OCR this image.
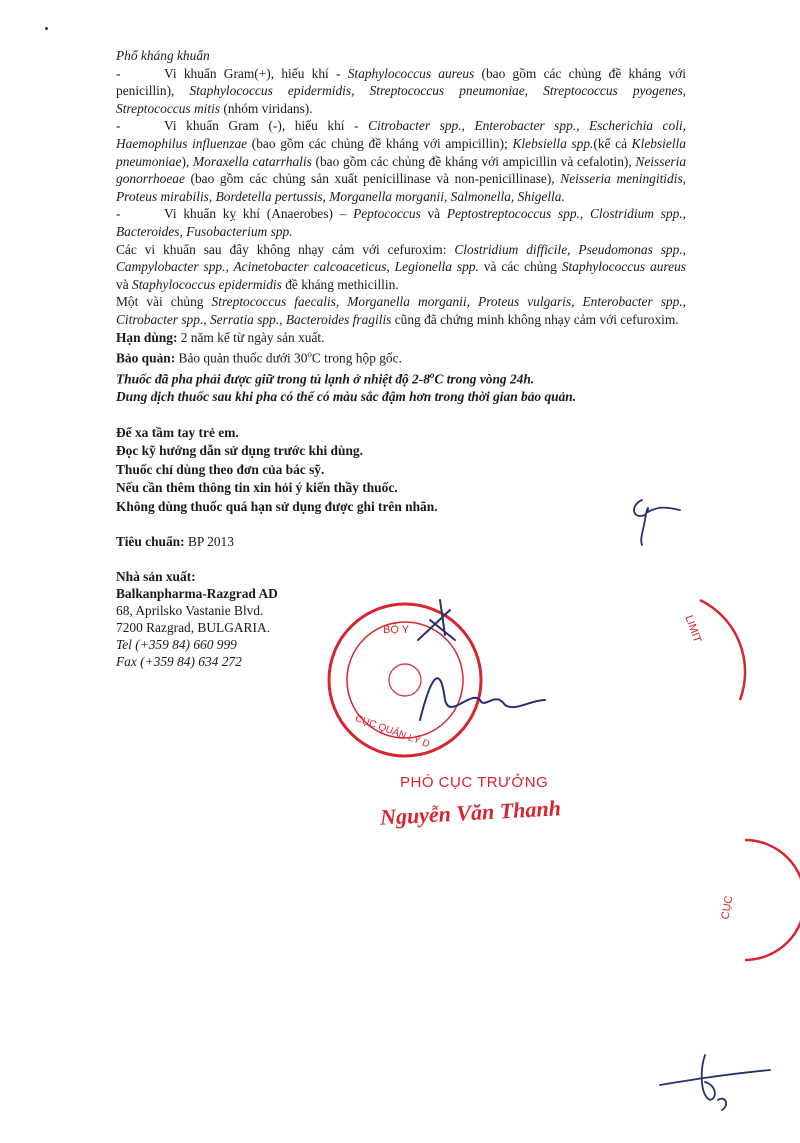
Phổ kháng khuẩn

-	Vi khuẩn Gram(+), hiếu khí - Staphylococcus aureus (bao gồm các chủng đề kháng với penicillin), Staphylococcus epidermidis, Streptococcus pneumoniae, Streptococcus pyogenes, Streptococcus mitis (nhóm viridans).

-	Vi khuẩn Gram (-), hiếu khí - Citrobacter spp., Enterobacter spp., Escherichia coli, Haemophilus influenzae (bao gồm các chủng đề kháng với ampicillin); Klebsiella spp.(kể cả Klebsiella pneumoniae), Moraxella catarrhalis (bao gồm các chủng đề kháng với ampicillin và cefalotin), Neisseria gonorrhoeae (bao gồm các chủng sản xuất penicillinase và non-penicillinase), Neisseria meningitidis, Proteus mirabilis, Bordetella pertussis, Morganella morganii, Salmonella, Shigella.

-	Vi khuẩn kỵ khí (Anaerobes) – Peptococcus và Peptostreptococcus spp., Clostridium spp., Bacteroides, Fusobacterium spp.

Các vi khuẩn sau đây không nhạy cảm với cefuroxim: Clostridium difficile, Pseudomonas spp., Campylobacter spp., Acinetobacter calcoaceticus, Legionella spp. và các chủng Staphylococcus aureus và Staphylococcus epidermidis đề kháng methicillin.

Một vài chủng Streptococcus faecalis, Morganella morganii, Proteus vulgaris, Enterobacter spp., Citrobacter spp., Serratia spp., Bacteroides fragilis cũng đã chứng minh không nhạy cảm với cefuroxim.

Hạn dùng: 2 năm kể từ ngày sản xuất.

Bảo quản: Bảo quản thuốc dưới 30$^o$C trong hộp gốc.

Thuốc đã pha phải được giữ trong tủ lạnh ở nhiệt độ 2-8$^o$C trong vòng 24h.

Dung dịch thuốc sau khi pha có thể có màu sắc đậm hơn trong thời gian bảo quản.

Để xa tầm tay trẻ em.

Đọc kỹ hướng dẫn sử dụng trước khi dùng.

Thuốc chỉ dùng theo đơn của bác sỹ.

Nếu cần thêm thông tin xin hỏi ý kiến thầy thuốc.

Không dùng thuốc quá hạn sử dụng được ghi trên nhãn.

Tiêu chuẩn: BP 2013

Nhà sản xuất:

Balkanpharma-Razgrad AD

68, Aprilsko Vastanie Blvd.

7200 Razgrad, BULGARIA.

Tel (+359 84) 660 999

Fax (+359 84) 634 272

BỘ Y
CỤC QUẢN LÝ D
LIMIT
CỤC
PHÓ CỤC TRƯỞNG
Nguyễn Văn Thanh
